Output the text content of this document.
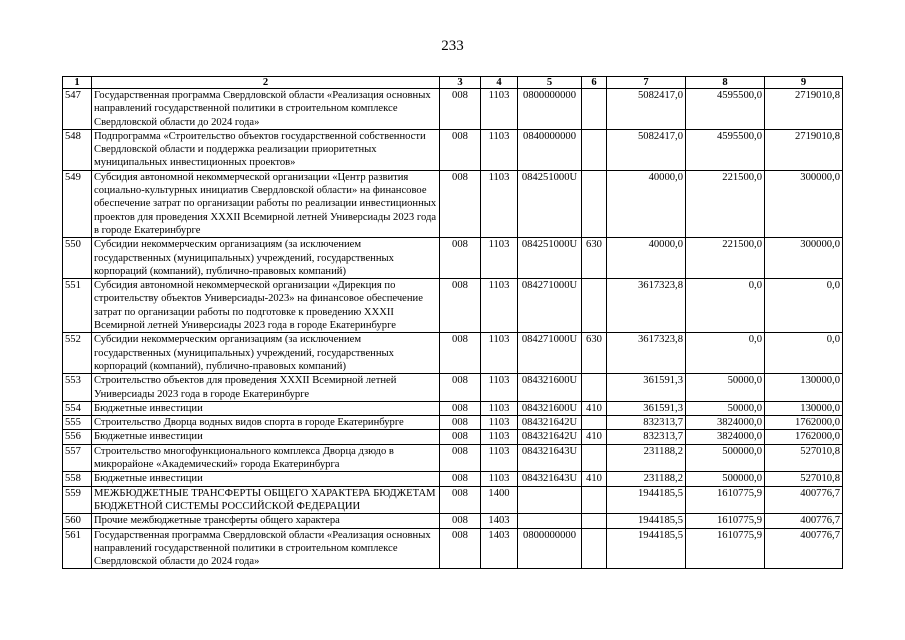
233
1	2	3	4	5	6	7	8	9
547	Государственная программа Свердловской области «Реализация основных направлений государственной политики в строительном комплексе Свердловской области до 2024 года»	008	1103	0800000000		5082417,0	4595500,0	2719010,8
548	Подпрограмма «Строительство объектов государственной собственности Свердловской области и поддержка реализации приоритетных муниципальных инвестиционных проектов»	008	1103	0840000000		5082417,0	4595500,0	2719010,8
549	Субсидия автономной некоммерческой организации «Центр развития социально-культурных инициатив Свердловской области» на финансовое обеспечение затрат по организации работы по реализации инвестиционных проектов для проведения XXXII Всемирной летней Универсиады 2023 года в городе Екатеринбурге	008	1103	084251000U		40000,0	221500,0	300000,0
550	Субсидии некоммерческим организациям (за исключением государственных (муниципальных) учреждений, государственных корпораций (компаний), публично-правовых компаний)	008	1103	084251000U	630	40000,0	221500,0	300000,0
551	Субсидия автономной некоммерческой организации «Дирекция по строительству объектов Универсиады-2023» на финансовое обеспечение затрат по организации работы по подготовке к проведению XXXII Всемирной летней Универсиады 2023 года в городе Екатеринбурге	008	1103	084271000U		3617323,8	0,0	0,0
552	Субсидии некоммерческим организациям (за исключением государственных (муниципальных) учреждений, государственных корпораций (компаний), публично-правовых компаний)	008	1103	084271000U	630	3617323,8	0,0	0,0
553	Строительство объектов для проведения XXXII Всемирной летней Универсиады 2023 года в городе Екатеринбурге	008	1103	084321600U		361591,3	50000,0	130000,0
554	Бюджетные инвестиции	008	1103	084321600U	410	361591,3	50000,0	130000,0
555	Строительство Дворца водных видов спорта в городе Екатеринбурге	008	1103	084321642U		832313,7	3824000,0	1762000,0
556	Бюджетные инвестиции	008	1103	084321642U	410	832313,7	3824000,0	1762000,0
557	Строительство многофункционального комплекса Дворца дзюдо в микрорайоне «Академический» города Екатеринбурга	008	1103	084321643U		231188,2	500000,0	527010,8
558	Бюджетные инвестиции	008	1103	084321643U	410	231188,2	500000,0	527010,8
559	МЕЖБЮДЖЕТНЫЕ ТРАНСФЕРТЫ ОБЩЕГО ХАРАКТЕРА БЮДЖЕТАМ БЮДЖЕТНОЙ СИСТЕМЫ РОССИЙСКОЙ ФЕДЕРАЦИИ	008	1400			1944185,5	1610775,9	400776,7
560	Прочие межбюджетные трансферты общего характера	008	1403			1944185,5	1610775,9	400776,7
561	Государственная программа Свердловской области «Реализация основных направлений государственной политики в строительном комплексе Свердловской области до 2024 года»	008	1403	0800000000		1944185,5	1610775,9	400776,7
